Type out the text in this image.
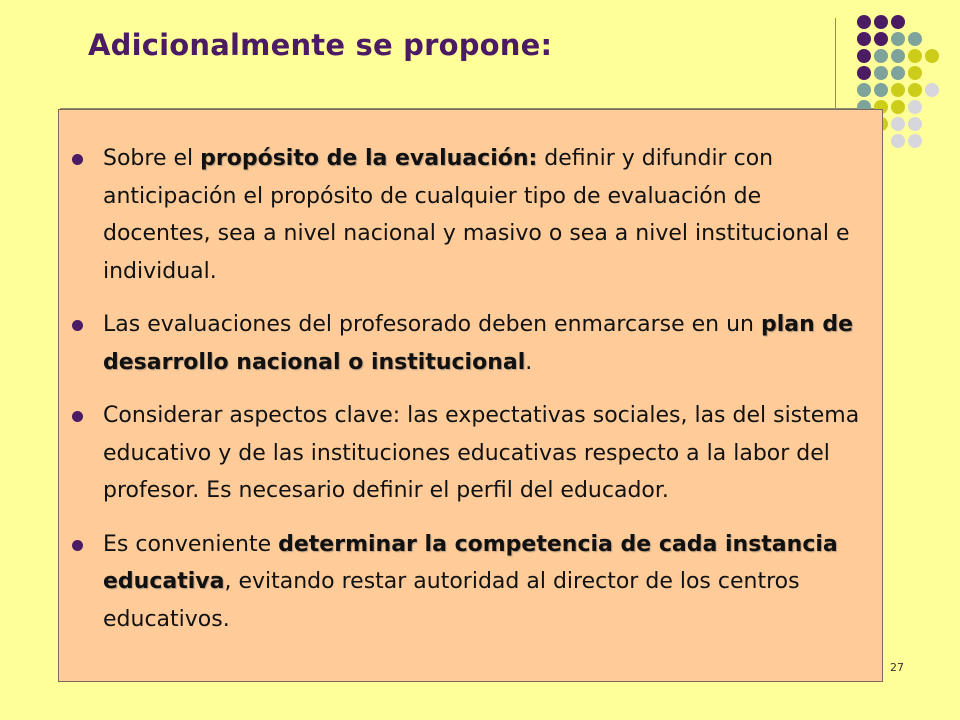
Adicionalmente se propone:

Sobre el propósito de la evaluación: definir y difundir con anticipación el propósito de cualquier tipo de evaluación de docentes, sea a nivel nacional y masivo o sea a nivel institucional e individual.

Las evaluaciones del profesorado deben enmarcarse en un plan de desarrollo nacional o institucional.

Considerar aspectos clave: las expectativas sociales, las del sistema educativo y de las instituciones educativas respecto a la labor del profesor. Es necesario definir el perfil del educador.

Es conveniente determinar la competencia de cada instancia educativa, evitando restar autoridad al director de los centros educativos.

27
